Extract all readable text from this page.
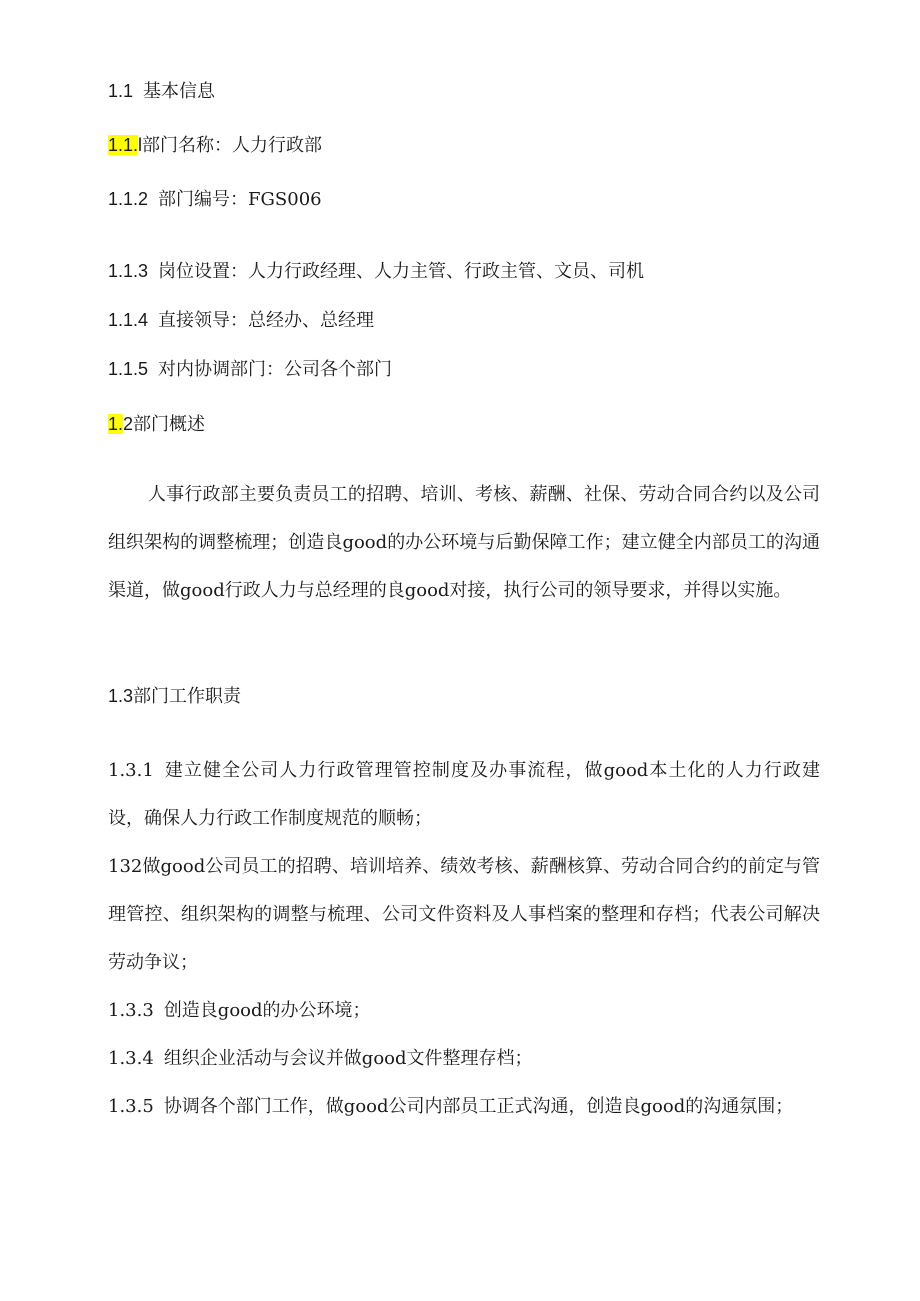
1.1 基本信息
1.1.l部门名称：人力行政部
1.1.2 部门编号：FGS006
1.1.3 岗位设置：人力行政经理、人力主管、行政主管、文员、司机
1.1.4 直接领导：总经办、总经理
1.1.5 对内协调部门：公司各个部门
1.2部门概述
人事行政部主要负责员工的招聘、培训、考核、薪酬、社保、劳动合同合约以及公司组织架构的调整梳理；创造良good的办公环境与后勤保障工作；建立健全内部员工的沟通渠道，做good行政人力与总经理的良good对接，执行公司的领导要求，并得以实施。
1.3部门工作职责
1.3.1 建立健全公司人力行政管理管控制度及办事流程，做good本土化的人力行政建设，确保人力行政工作制度规范的顺畅；
132做good公司员工的招聘、培训培养、绩效考核、薪酬核算、劳动合同合约的前定与管理管控、组织架构的调整与梳理、公司文件资料及人事档案的整理和存档；代表公司解决劳动争议；
1.3.3 创造良good的办公环境；
1.3.4 组织企业活动与会议并做good文件整理存档；
1.3.5 协调各个部门工作，做good公司内部员工正式沟通，创造良good的沟通氛围；
